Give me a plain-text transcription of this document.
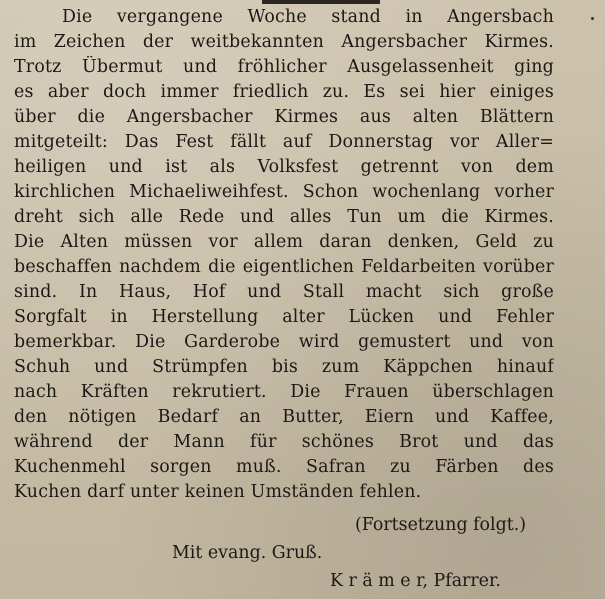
Die vergangene Woche stand in Angersbach
im Zeichen der weitbekannten Angersbacher Kirmes.
Trotz Übermut und fröhlicher Ausgelassenheit ging
es aber doch immer friedlich zu. Es sei hier einiges
über die Angersbacher Kirmes aus alten Blättern
mitgeteilt: Das Fest fällt auf Donnerstag vor Aller=
heiligen und ist als Volksfest getrennt von dem
kirchlichen Michaeliweihfest. Schon wochenlang vorher
dreht sich alle Rede und alles Tun um die Kirmes.
Die Alten müssen vor allem daran denken, Geld zu
beschaffen nachdem die eigentlichen Feldarbeiten vorüber
sind. In Haus, Hof und Stall macht sich große
Sorgfalt in Herstellung alter Lücken und Fehler
bemerkbar. Die Garderobe wird gemustert und von
Schuh und Strümpfen bis zum Käppchen hinauf
nach Kräften rekrutiert. Die Frauen überschlagen
den nötigen Bedarf an Butter, Eiern und Kaffee,
während der Mann für schönes Brot und das
Kuchenmehl sorgen muß. Safran zu Färben des
Kuchen darf unter keinen Umständen fehlen.
(Fortsetzung folgt.)
Mit evang. Gruß.
K r ä m e r, Pfarrer.
